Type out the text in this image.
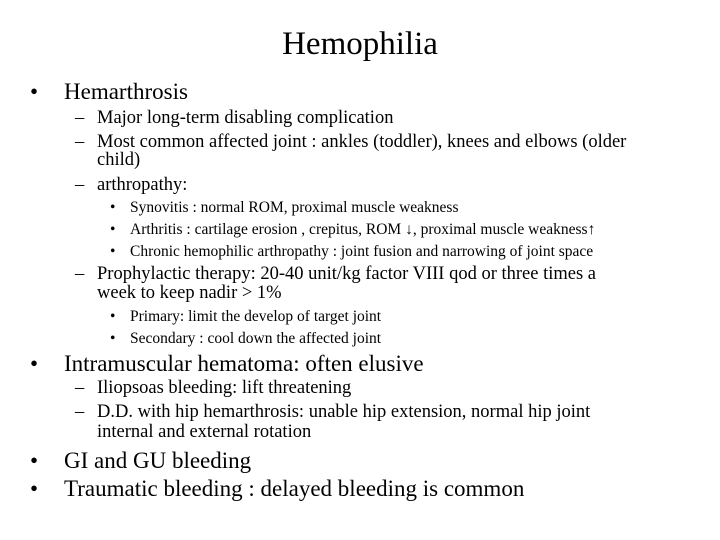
Hemophilia
• Hemarthrosis
– Major long-term disabling complication
– Most common affected joint : ankles (toddler), knees and elbows (older
child)
– arthropathy:
• Synovitis : normal ROM, proximal muscle weakness
• Arthritis : cartilage erosion , crepitus, ROM ↓, proximal muscle weakness↑
• Chronic hemophilic arthropathy : joint fusion and narrowing of joint space
– Prophylactic therapy: 20-40 unit/kg factor VIII qod or three times a
week to keep nadir > 1%
• Primary: limit the develop of target joint
• Secondary : cool down the affected joint
• Intramuscular hematoma: often elusive
– Iliopsoas bleeding: lift threatening
– D.D. with hip hemarthrosis: unable hip extension, normal hip joint
internal and external rotation
• GI and GU bleeding
• Traumatic bleeding : delayed bleeding is common
